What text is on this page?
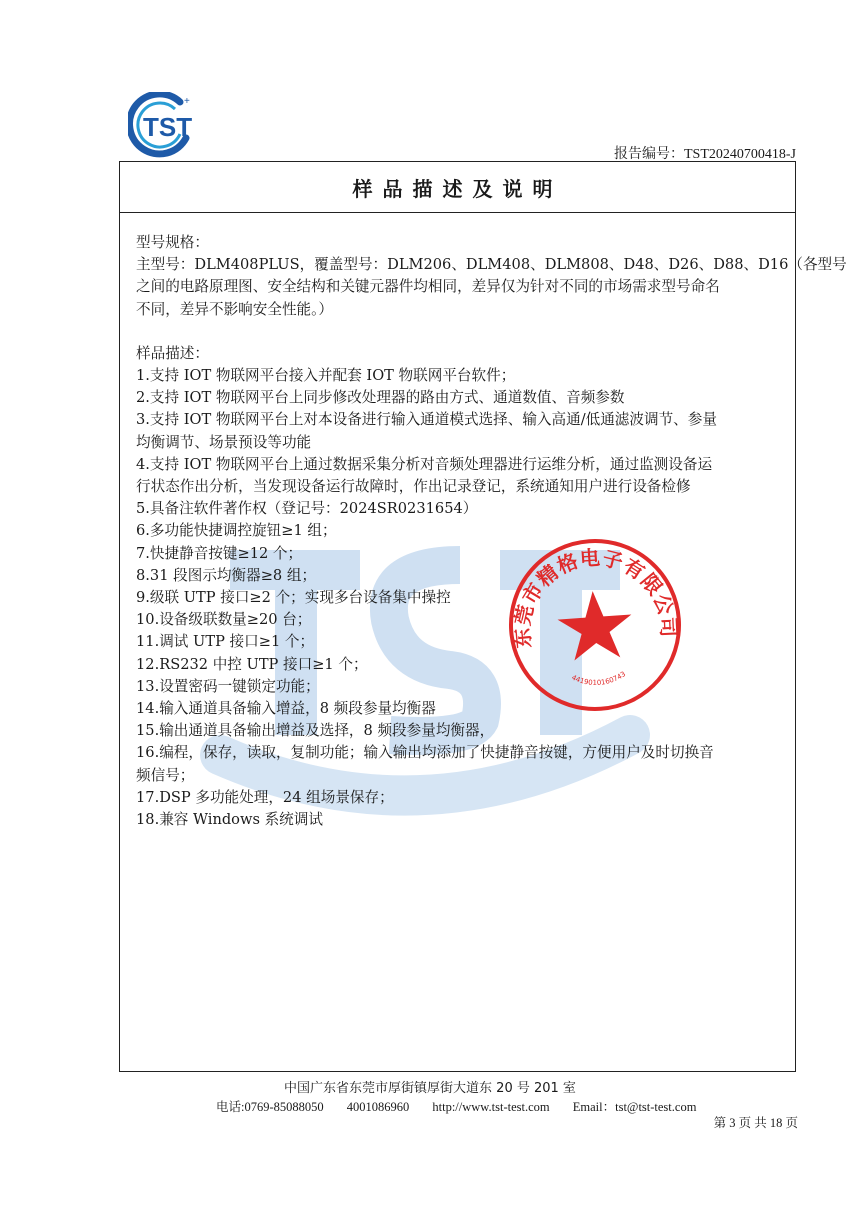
TST
+
报告编号：TST20240700418-J
样品描述及说明

型号规格：

主型号：DLM408PLUS，覆盖型号：DLM206、DLM408、DLM808、D48、D26、D88、D16（各型号

之间的电路原理图、安全结构和关键元器件均相同，差异仅为针对不同的市场需求型号命名

不同，差异不影响安全性能。）

样品描述：

1.支持 IOT 物联网平台接入并配套 IOT 物联网平台软件；

2.支持 IOT 物联网平台上同步修改处理器的路由方式、通道数值、音频参数

3.支持 IOT 物联网平台上对本设备进行输入通道模式选择、输入高通/低通滤波调节、参量

均衡调节、场景预设等功能

4.支持 IOT 物联网平台上通过数据采集分析对音频处理器进行运维分析，通过监测设备运

行状态作出分析，当发现设备运行故障时，作出记录登记，系统通知用户进行设备检修

5.具备注软件著作权（登记号：2024SR0231654）

6.多功能快捷调控旋钮≥1 组；

7.快捷静音按键≥12 个；

8.31 段图示均衡器≥8 组；

9.级联 UTP 接口≥2 个；实现多台设备集中操控

10.设备级联数量≥20 台；

11.调试 UTP 接口≥1 个；

12.RS232 中控 UTP 接口≥1 个；

13.设置密码一键锁定功能；

14.输入通道具备输入增益，8 频段参量均衡器

15.输出通道具备输出增益及选择，8 频段参量均衡器，

16.编程，保存，读取，复制功能；输入输出均添加了快捷静音按键，方便用户及时切换音

频信号；

17.DSP 多功能处理，24 组场景保存；

18.兼容 Windows 系统调试

东莞市精格电子有限公司
4419010160743
中国广东省东莞市厚街镇厚街大道东 20 号 201 室
电话:0769-85088050 4001086960 http://www.tst-test.com Email：tst@tst-test.com
第 3 页 共 18 页
